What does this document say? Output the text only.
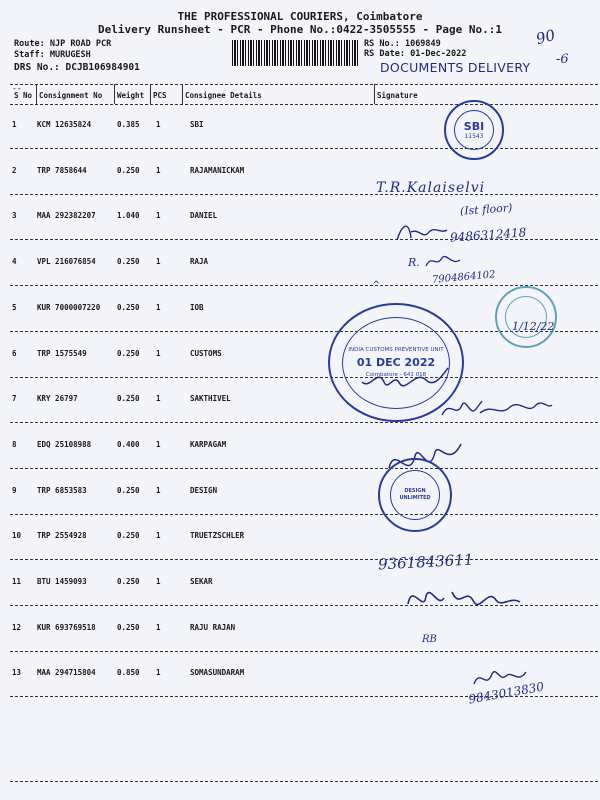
THE PROFESSIONAL COURIERS, Coimbatore
Delivery Runsheet - PCR - Phone No.:0422-3505555 - Page No.:1
Route: NJP ROAD PCR
Staff: MURUGESH
DRS No.: DCJB106984901
RS No.: 1069849
RS Date: 01-Dec-2022
DOCUMENTS DELIVERY
90
-6
--
S No Consignment No Weight PCS Consignee Details	Signature
1	KCM 12635824	0.385 1	SBI
2	TRP 7858644	0.250 1	RAJAMANICKAM
3	MAA 292382207	1.040 1	DANIEL
4	VPL 216076854	0.250 1	RAJA
5	KUR 7000007220 0.250 1	IOB
6	TRP 1575549	0.250 1	CUSTOMS
7	KRY 26797	0.250 1	SAKTHIVEL
8	EDQ 25108988	0.400 1	KARPAGAM
9	TRP 6853583	0.250 1	DESIGN
10 TRP 2554928	0.250 1	TRUETZSCHLER
11 BTU 1459093	0.250 1	SEKAR
12 KUR 693769518	0.250 1	RAJU RAJAN
13 MAA 294715804	0.850 1	SOMASUNDARAM
SBI
11543
T.R.Kalaiselvi
(Ist floor)
9486312418
R.
7904864102
^
1/12/22
INDIA CUSTOMS PREVENTIVE UNIT
01 DEC 2022
Coimbatore - 641 018
DESIGN UNLIMITED
9361843611
RB
9843013830
